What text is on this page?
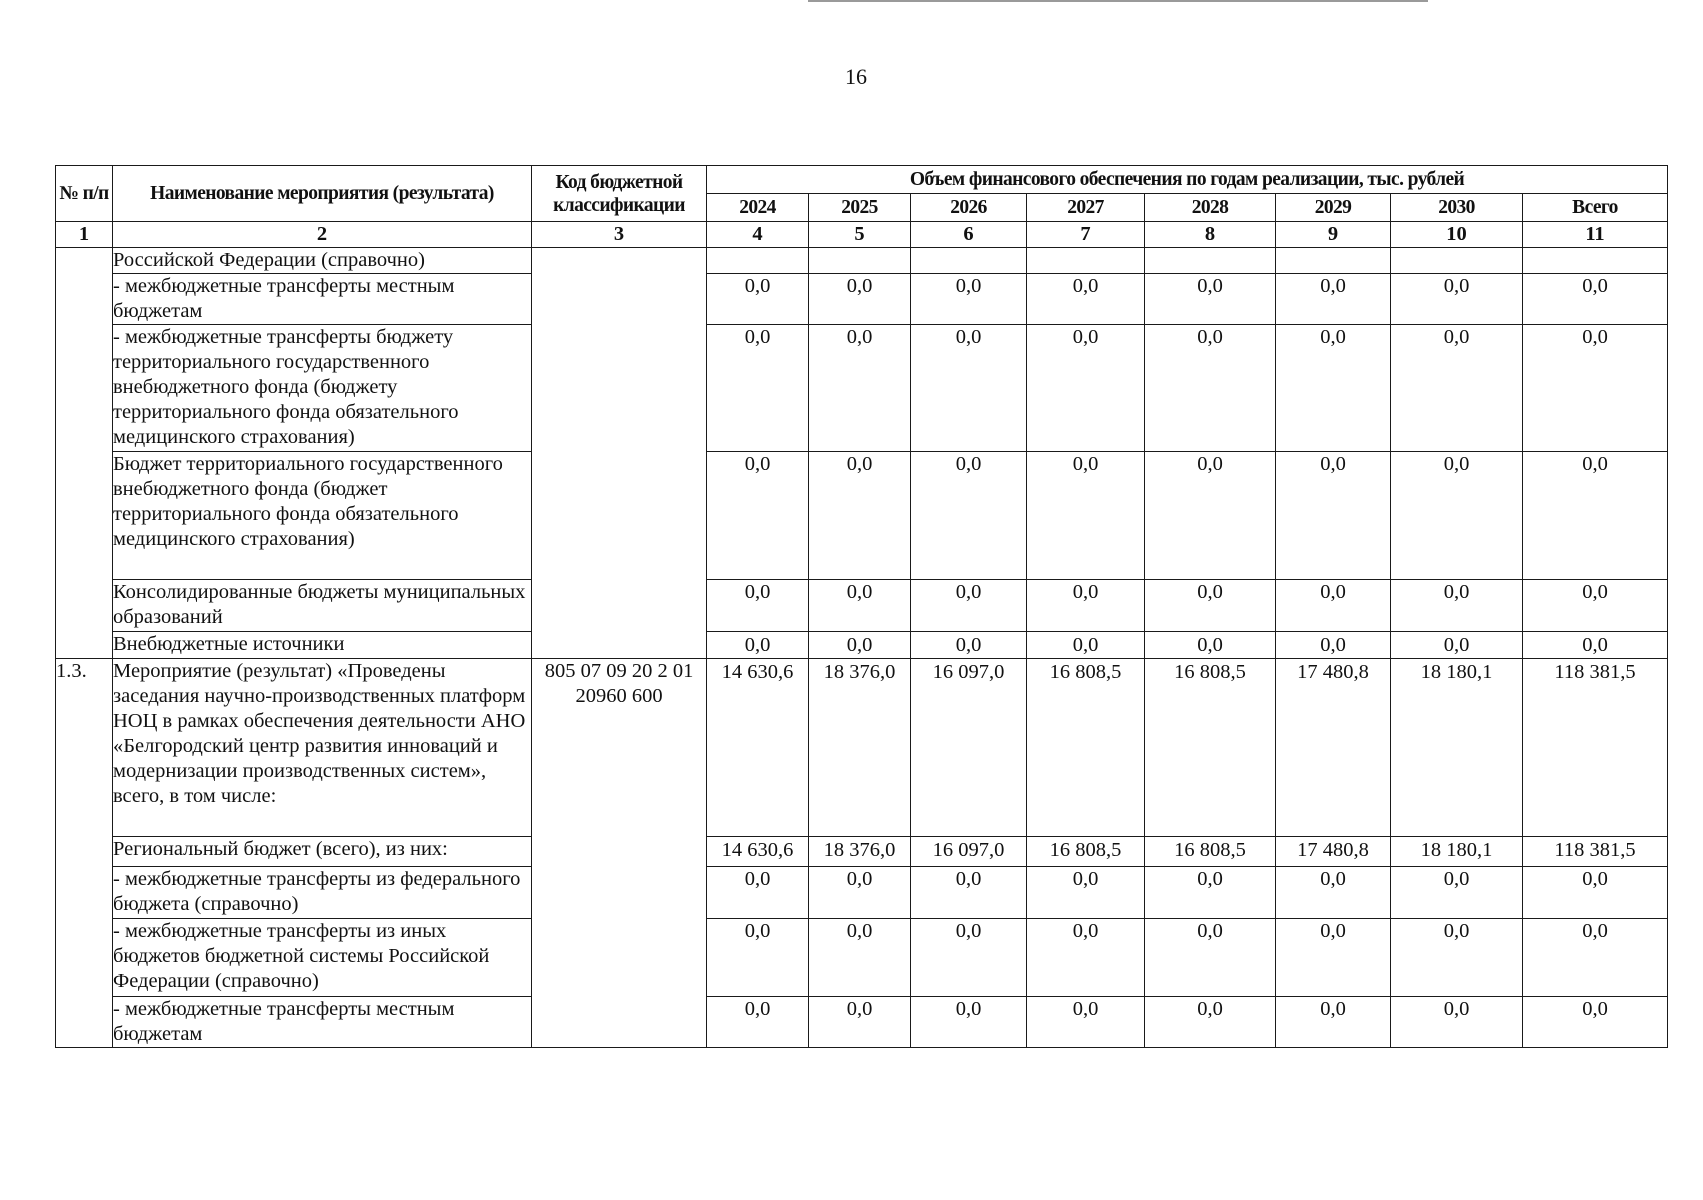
16
№ п/п	Наименование мероприятия (результата)	Код бюджетной классификации	Объем финансового обеспечения по годам реализации, тыс. рублей							
			2024	2025	2026	2027	2028	2029	2030	Всего
1	2	3	4	5	6	7	8	9	10	11
	Российской Федерации (справочно)									
	- межбюджетные трансферты местным бюджетам		0,0	0,0	0,0	0,0	0,0	0,0	0,0	0,0
	- межбюджетные трансферты бюджету территориального государственного внебюджетного фонда (бюджету территориального фонда обязательного медицинского страхования)		0,0	0,0	0,0	0,0	0,0	0,0	0,0	0,0
	Бюджет территориального государственного внебюджетного фонда (бюджет территориального фонда обязательного медицинского страхования)		0,0	0,0	0,0	0,0	0,0	0,0	0,0	0,0
	Консолидированные бюджеты муниципальных образований		0,0	0,0	0,0	0,0	0,0	0,0	0,0	0,0
	Внебюджетные источники		0,0	0,0	0,0	0,0	0,0	0,0	0,0	0,0
1.3.	Мероприятие (результат) «Проведены заседания научно-производственных платформ НОЦ в рамках обеспечения деятельности АНО «Белгородский центр развития инноваций и модернизации производственных систем», всего, в том числе:	805 07 09 20 2 01 20960 600	14 630,6	18 376,0	16 097,0	16 808,5	16 808,5	17 480,8	18 180,1	118 381,5
	Региональный бюджет (всего), из них:		14 630,6	18 376,0	16 097,0	16 808,5	16 808,5	17 480,8	18 180,1	118 381,5
	- межбюджетные трансферты из федерального бюджета (справочно)		0,0	0,0	0,0	0,0	0,0	0,0	0,0	0,0
	- межбюджетные трансферты из иных бюджетов бюджетной системы Российской Федерации (справочно)		0,0	0,0	0,0	0,0	0,0	0,0	0,0	0,0
	- межбюджетные трансферты местным бюджетам		0,0	0,0	0,0	0,0	0,0	0,0	0,0	0,0
